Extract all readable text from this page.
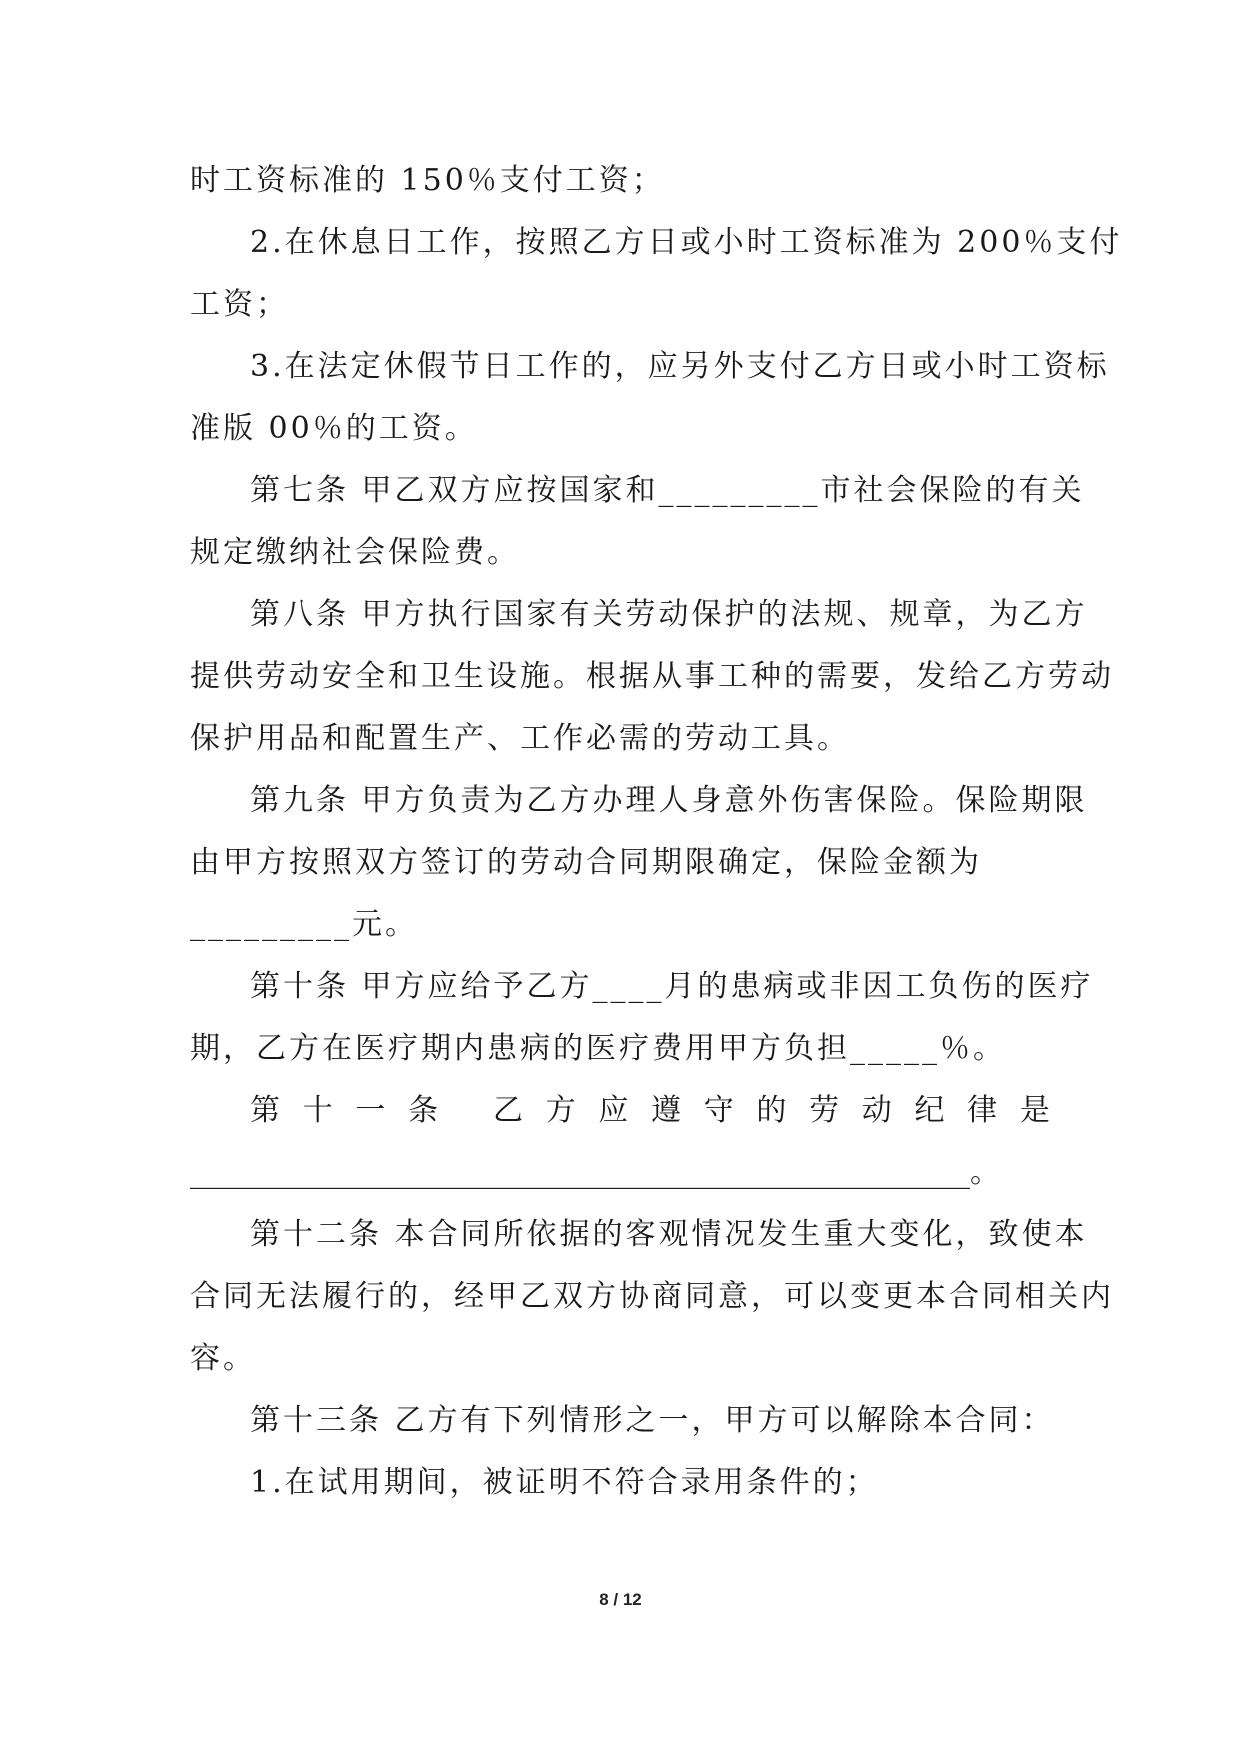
时工资标准的 150％支付工资；
2.在休息日工作，按照乙方日或小时工资标准为 200％支付
工资；
3.在法定休假节日工作的，应另外支付乙方日或小时工资标
准版 00％的工资。
第七条 甲乙双方应按国家和_________市社会保险的有关
规定缴纳社会保险费。
第八条 甲方执行国家有关劳动保护的法规、规章，为乙方
提供劳动安全和卫生设施。根据从事工种的需要，发给乙方劳动
保护用品和配置生产、工作必需的劳动工具。
第九条 甲方负责为乙方办理人身意外伤害保险。保险期限
由甲方按照双方签订的劳动合同期限确定，保险金额为
_________元。
第十条 甲方应给予乙方____月的患病或非因工负伤的医疗
期，乙方在医疗期内患病的医疗费用甲方负担_____％。
第 十 一 条
乙 方 应 遵 守 的 劳 动 纪 律 是
____________________________________________________。
第十二条 本合同所依据的客观情况发生重大变化，致使本
合同无法履行的，经甲乙双方协商同意，可以变更本合同相关内
容。
第十三条 乙方有下列情形之一，甲方可以解除本合同：
1.在试用期间，被证明不符合录用条件的；
8 / 12
